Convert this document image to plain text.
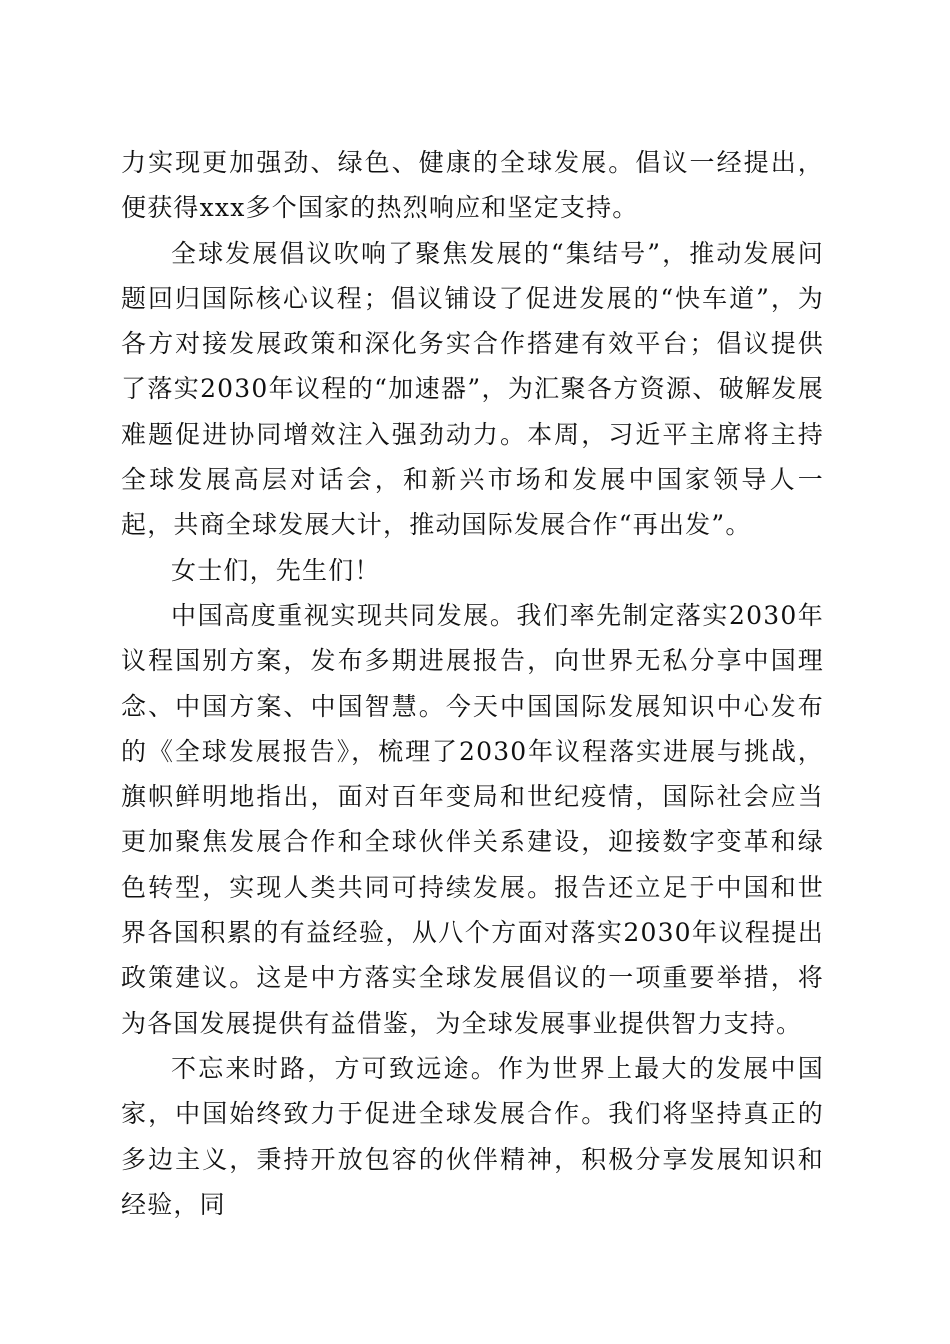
力实现更加强劲、绿色、健康的全球发展。倡议一经提出，便获得xxx多个国家的热烈响应和坚定支持。

全球发展倡议吹响了聚焦发展的“集结号”，推动发展问题回归国际核心议程；倡议铺设了促进发展的“快车道”，为各方对接发展政策和深化务实合作搭建有效平台；倡议提供了落实2030年议程的“加速器”，为汇聚各方资源、破解发展难题促进协同增效注入强劲动力。本周，习近平主席将主持全球发展高层对话会，和新兴市场和发展中国家领导人一起，共商全球发展大计，推动国际发展合作“再出发”。

女士们，先生们！

中国高度重视实现共同发展。我们率先制定落实2030年议程国别方案，发布多期进展报告，向世界无私分享中国理念、中国方案、中国智慧。今天中国国际发展知识中心发布的《全球发展报告》，梳理了2030年议程落实进展与挑战，旗帜鲜明地指出，面对百年变局和世纪疫情，国际社会应当更加聚焦发展合作和全球伙伴关系建设，迎接数字变革和绿色转型，实现人类共同可持续发展。报告还立足于中国和世界各国积累的有益经验，从八个方面对落实2030年议程提出政策建议。这是中方落实全球发展倡议的一项重要举措，将为各国发展提供有益借鉴，为全球发展事业提供智力支持。

不忘来时路，方可致远途。作为世界上最大的发展中国家，中国始终致力于促进全球发展合作。我们将坚持真正的多边主义，秉持开放包容的伙伴精神，积极分享发展知识和经验，同
